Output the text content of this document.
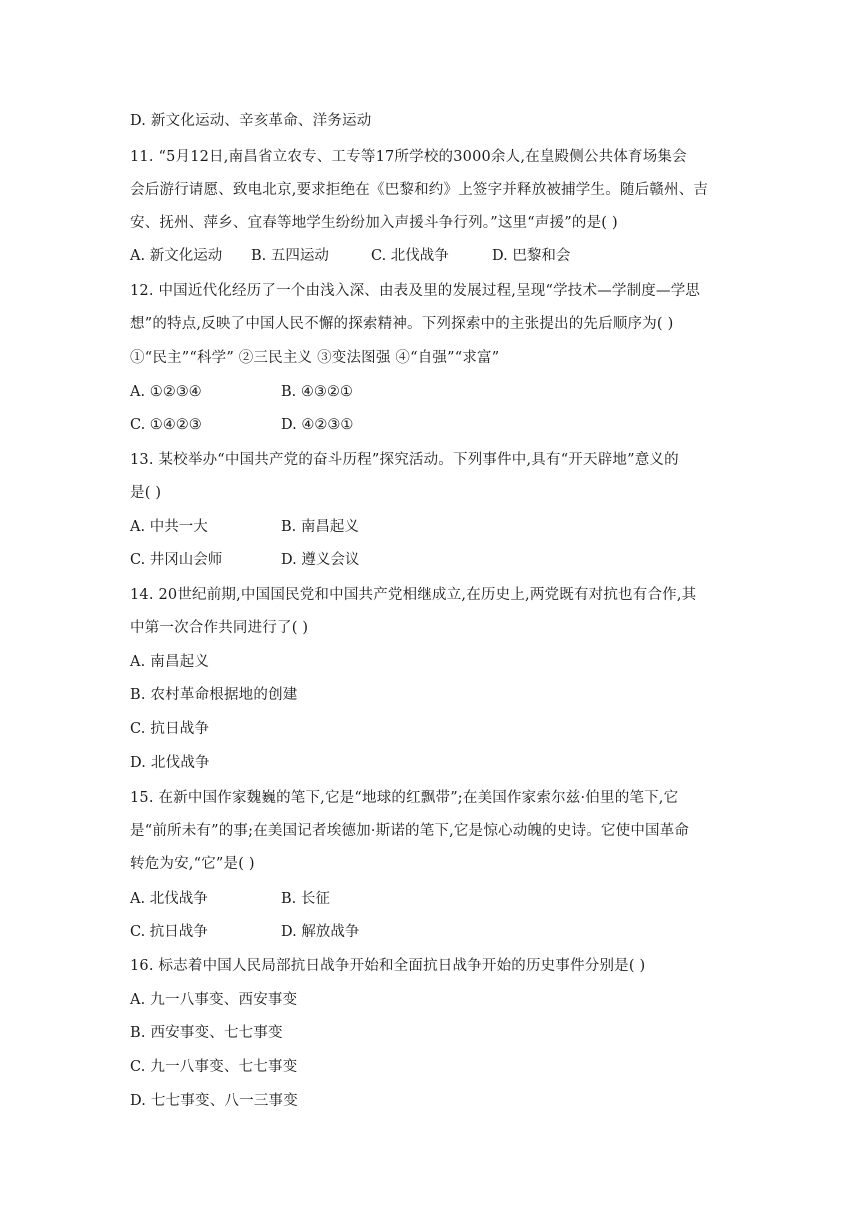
D. 新文化运动、辛亥革命、洋务运动
11. “5月12日,南昌省立农专、工专等17所学校的3000余人,在皇殿侧公共体育场集会
会后游行请愿、致电北京,要求拒绝在《巴黎和约》上签字并释放被捕学生。随后赣州、吉
安、抚州、萍乡、宜春等地学生纷纷加入声援斗争行列。”这里“声援”的是( )
A. 新文化运动 B. 五四运动	C. 北伐战争	D. 巴黎和会
12. 中国近代化经历了一个由浅入深、由表及里的发展过程,呈现“学技术—学制度—学思
想”的特点,反映了中国人民不懈的探索精神。下列探索中的主张提出的先后顺序为( )
①“民主”“科学” ②三民主义 ③变法图强 ④“自强”“求富”
A. ①②③④	B. ④③②①
C. ①④②③	D. ④②③①
13. 某校举办“中国共产党的奋斗历程”探究活动。下列事件中,具有“开天辟地”意义的
是( )
A. 中共一大	B. 南昌起义
C. 井冈山会师	D. 遵义会议
14. 20世纪前期,中国国民党和中国共产党相继成立,在历史上,两党既有对抗也有合作,其
中第一次合作共同进行了( )
A. 南昌起义
B. 农村革命根据地的创建
C. 抗日战争
D. 北伐战争
15. 在新中国作家魏巍的笔下,它是“地球的红飘带”;在美国作家索尔兹·伯里的笔下,它
是“前所未有”的事;在美国记者埃德加·斯诺的笔下,它是惊心动魄的史诗。它使中国革命
转危为安,“它”是( )
A. 北伐战争	B. 长征
C. 抗日战争	D. 解放战争
16. 标志着中国人民局部抗日战争开始和全面抗日战争开始的历史事件分别是( )
A. 九一八事变、西安事变
B. 西安事变、七七事变
C. 九一八事变、七七事变
D. 七七事变、八一三事变
